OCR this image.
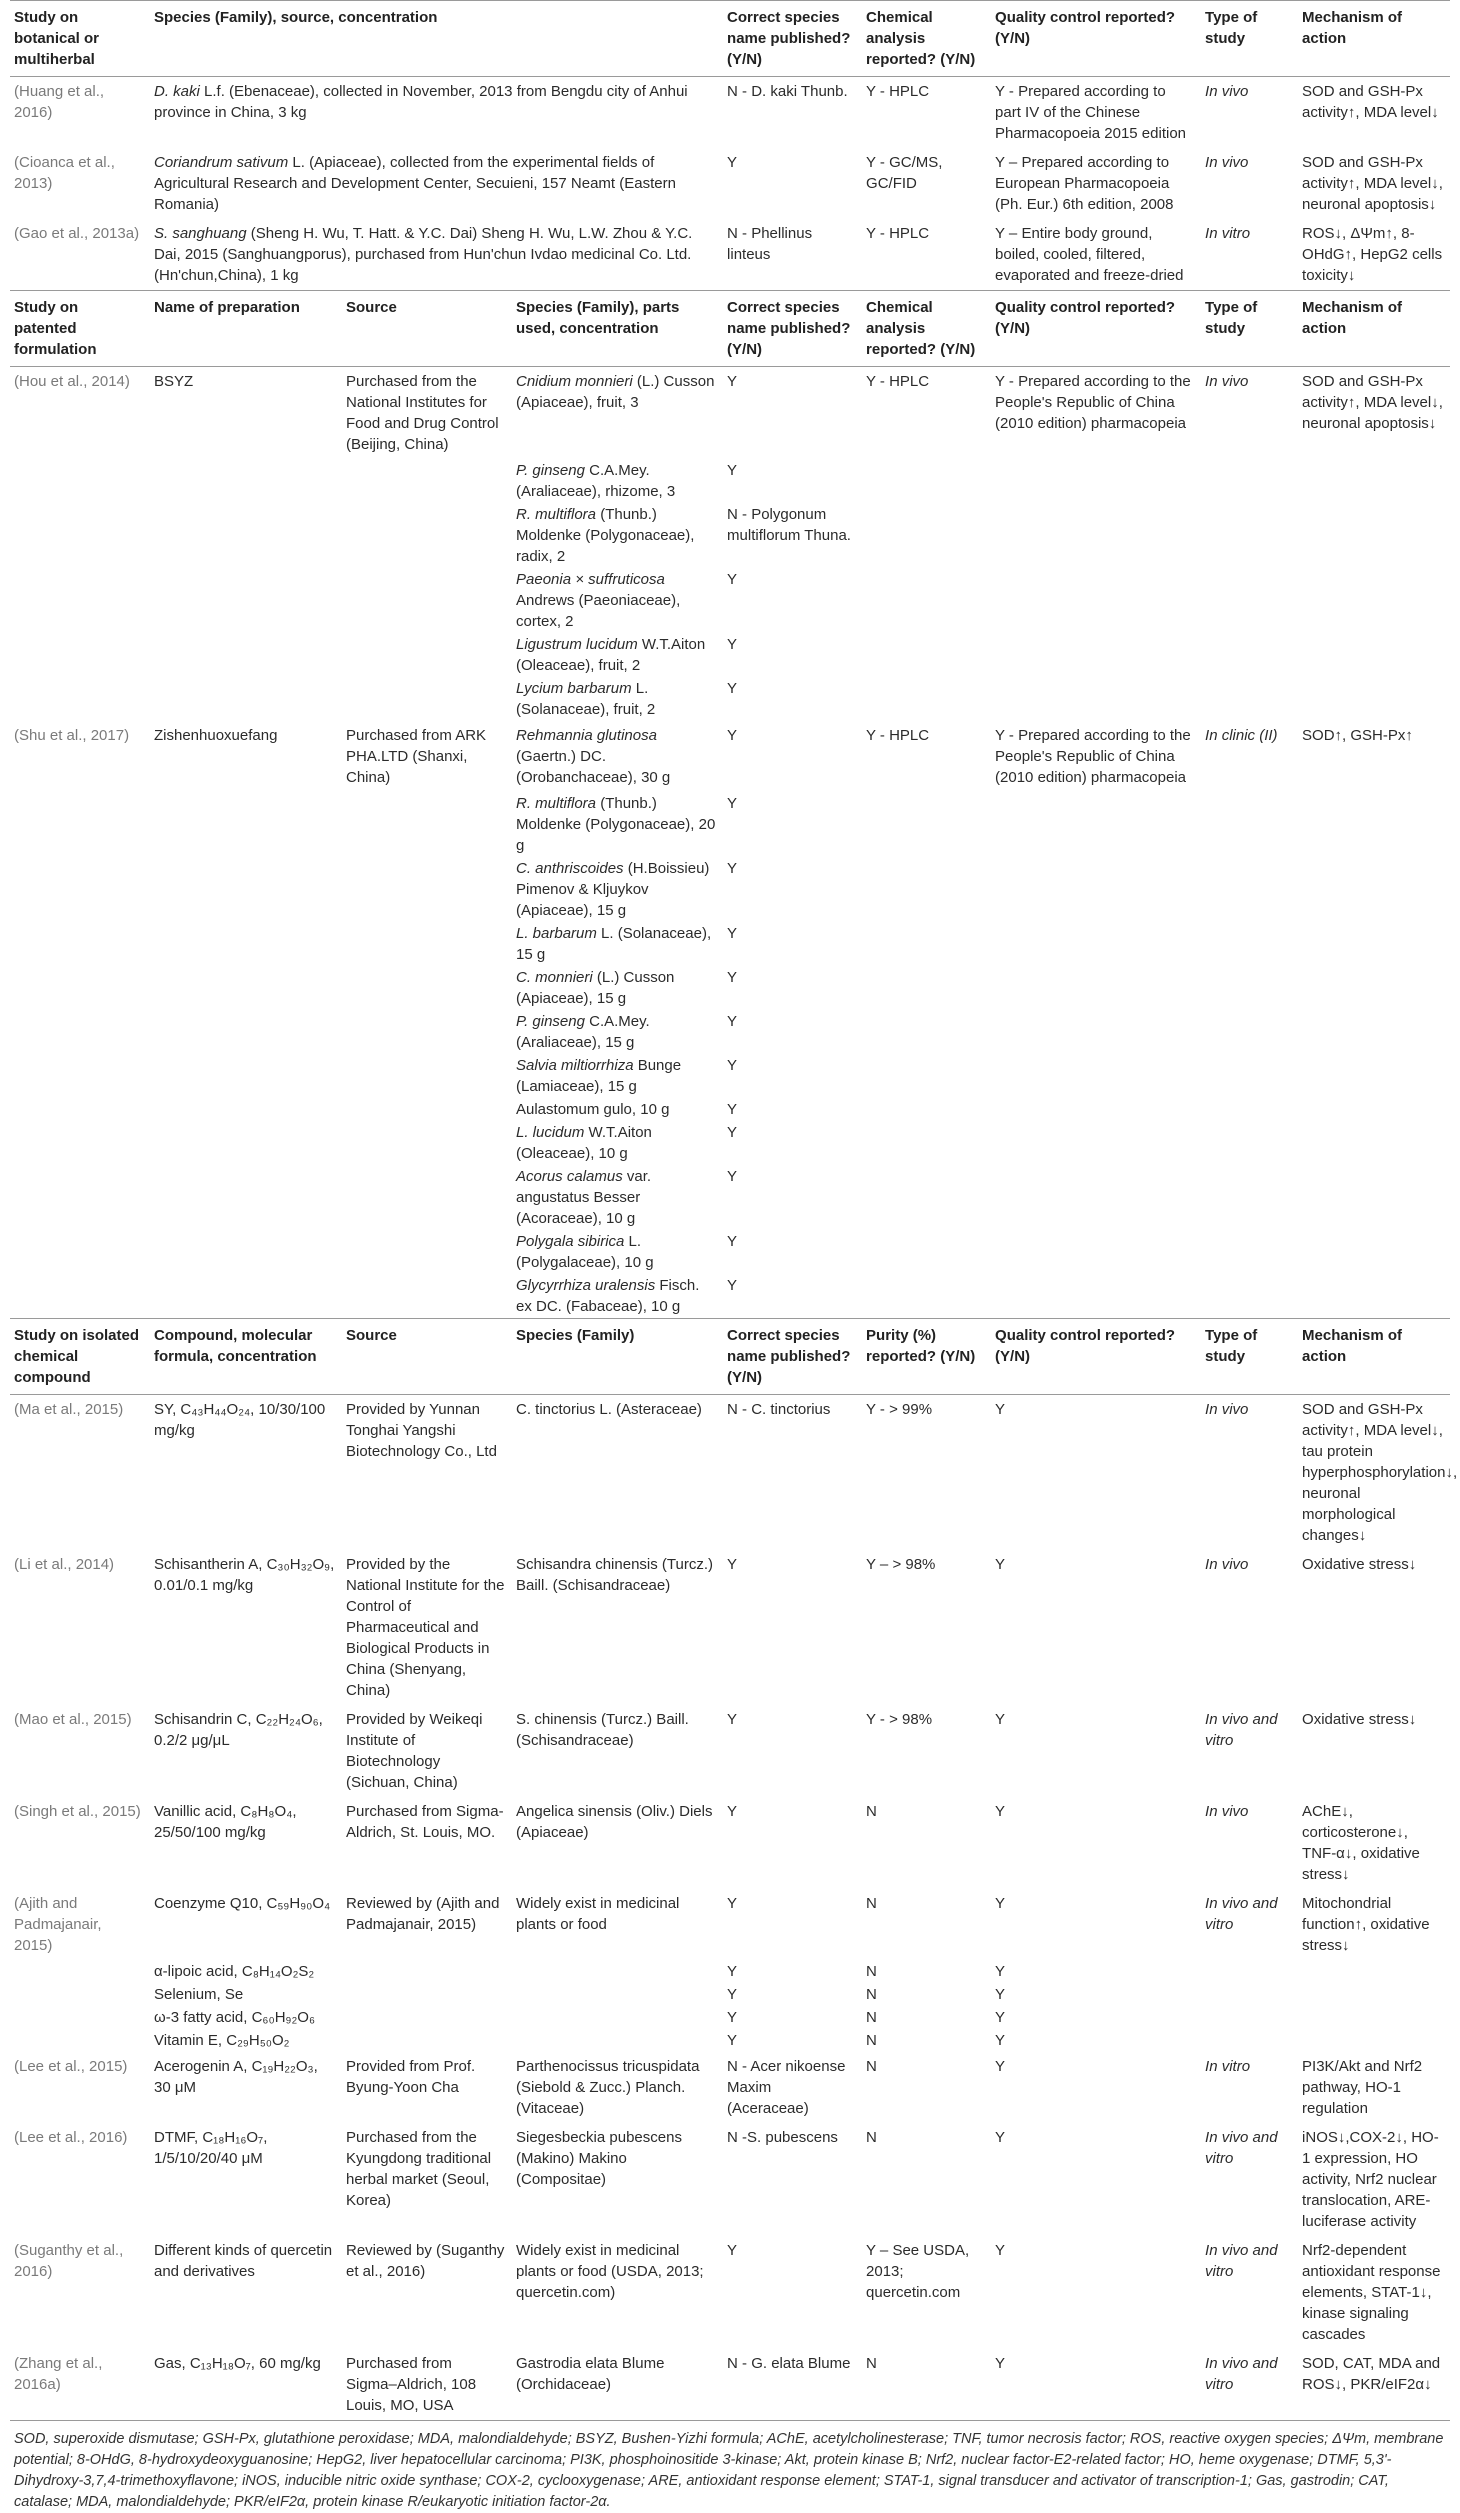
Study on botanical or multiherbal	Species (Family), source, concentration			Correct species name published? (Y/N)	Chemical analysis reported? (Y/N)	Quality control reported? (Y/N)	Type of study	Mechanism of action
(Huang et al., 2016)	D. kaki L.f. (Ebenaceae), collected in November, 2013 from Bengdu city of Anhui province in China, 3 kg			N - D. kaki Thunb.	Y - HPLC	Y - Prepared according to part IV of the Chinese Pharmacopoeia 2015 edition	In vivo	SOD and GSH-Px activity↑, MDA level↓
(Cioanca et al., 2013)	Coriandrum sativum L. (Apiaceae), collected from the experimental fields of Agricultural Research and Development Center, Secuieni, 157 Neamt (Eastern Romania)			Y	Y - GC/MS, GC/FID	Y – Prepared according to European Pharmacopoeia (Ph. Eur.) 6th edition, 2008	In vivo	SOD and GSH-Px activity↑, MDA level↓, neuronal apoptosis↓
(Gao et al., 2013a)	S. sanghuang (Sheng H. Wu, T. Hatt. & Y.C. Dai) Sheng H. Wu, L.W. Zhou & Y.C. Dai, 2015 (Sanghuangporus), purchased from Hun'chun Ivdao medicinal Co. Ltd. (Hn'chun,China), 1 kg			N - Phellinus linteus	Y - HPLC	Y – Entire body ground, boiled, cooled, filtered, evaporated and freeze-dried	In vitro	ROS↓, ΔΨm↑, 8-OHdG↑, HepG2 cells toxicity↓
Study on patented formulation	Name of preparation	Source	Species (Family), parts used, concentration	Correct species name published? (Y/N)	Chemical analysis reported? (Y/N)	Quality control reported? (Y/N)	Type of study	Mechanism of action
(Hou et al., 2014)	BSYZ	Purchased from the National Institutes for Food and Drug Control (Beijing, China)	Cnidium monnieri (L.) Cusson (Apiaceae), fruit, 3	Y	Y - HPLC	Y - Prepared according to the People's Republic of China (2010 edition) pharmacopeia	In vivo	SOD and GSH-Px activity↑, MDA level↓, neuronal apoptosis↓
			P. ginseng C.A.Mey. (Araliaceae), rhizome, 3	Y				
			R. multiflora (Thunb.) Moldenke (Polygonaceae), radix, 2	N - Polygonum multiflorum Thuna.				
			Paeonia × suffruticosa Andrews (Paeoniaceae), cortex, 2	Y				
			Ligustrum lucidum W.T.Aiton (Oleaceae), fruit, 2	Y				
			Lycium barbarum L. (Solanaceae), fruit, 2	Y				
(Shu et al., 2017)	Zishenhuoxuefang	Purchased from ARK PHA.LTD (Shanxi, China)	Rehmannia glutinosa (Gaertn.) DC. (Orobanchaceae), 30 g	Y	Y - HPLC	Y - Prepared according to the People's Republic of China (2010 edition) pharmacopeia	In clinic (II)	SOD↑, GSH-Px↑
			R. multiflora (Thunb.) Moldenke (Polygonaceae), 20 g	Y				
			C. anthriscoides (H.Boissieu) Pimenov & Kljuykov (Apiaceae), 15 g	Y				
			L. barbarum L. (Solanaceae), 15 g	Y				
			C. monnieri (L.) Cusson (Apiaceae), 15 g	Y				
			P. ginseng C.A.Mey. (Araliaceae), 15 g	Y				
			Salvia miltiorrhiza Bunge (Lamiaceae), 15 g	Y				
			Aulastomum gulo, 10 g	Y				
			L. lucidum W.T.Aiton (Oleaceae), 10 g	Y				
			Acorus calamus var. angustatus Besser (Acoraceae), 10 g	Y				
			Polygala sibirica L. (Polygalaceae), 10 g	Y				
			Glycyrrhiza uralensis Fisch. ex DC. (Fabaceae), 10 g	Y				
Study on isolated chemical compound	Compound, molecular formula, concentration	Source	Species (Family)	Correct species name published? (Y/N)	Purity (%) reported? (Y/N)	Quality control reported? (Y/N)	Type of study	Mechanism of action
(Ma et al., 2015)	SY, C₄₃H₄₄O₂₄, 10/30/100 mg/kg	Provided by Yunnan Tonghai Yangshi Biotechnology Co., Ltd	C. tinctorius L. (Asteraceae)	N - C. tinctorius	Y - > 99%	Y	In vivo	SOD and GSH-Px activity↑, MDA level↓, tau protein hyperphosphorylation↓, neuronal morphological changes↓
(Li et al., 2014)	Schisantherin A, C₃₀H₃₂O₉, 0.01/0.1 mg/kg	Provided by the National Institute for the Control of Pharmaceutical and Biological Products in China (Shenyang, China)	Schisandra chinensis (Turcz.) Baill. (Schisandraceae)	Y	Y – > 98%	Y	In vivo	Oxidative stress↓
(Mao et al., 2015)	Schisandrin C, C₂₂H₂₄O₆, 0.2/2 μg/μL	Provided by Weikeqi Institute of Biotechnology (Sichuan, China)	S. chinensis (Turcz.) Baill. (Schisandraceae)	Y	Y - > 98%	Y	In vivo and vitro	Oxidative stress↓
(Singh et al., 2015)	Vanillic acid, C₈H₈O₄, 25/50/100 mg/kg	Purchased from Sigma-Aldrich, St. Louis, MO.	Angelica sinensis (Oliv.) Diels (Apiaceae)	Y	N	Y	In vivo	AChE↓, corticosterone↓, TNF-α↓, oxidative stress↓
(Ajith and Padmajanair, 2015)	Coenzyme Q10, C₅₉H₉₀O₄	Reviewed by (Ajith and Padmajanair, 2015)	Widely exist in medicinal plants or food	Y	N	Y	In vivo and vitro	Mitochondrial function↑, oxidative stress↓
	α-lipoic acid, C₈H₁₄O₂S₂			Y	N	Y		
	Selenium, Se			Y	N	Y		
	ω-3 fatty acid, C₆₀H₉₂O₆			Y	N	Y		
	Vitamin E, C₂₉H₅₀O₂			Y	N	Y		
(Lee et al., 2015)	Acerogenin A, C₁₉H₂₂O₃, 30 μM	Provided from Prof. Byung-Yoon Cha	Parthenocissus tricuspidata (Siebold & Zucc.) Planch. (Vitaceae)	N - Acer nikoense Maxim (Aceraceae)	N	Y	In vitro	PI3K/Akt and Nrf2 pathway, HO-1 regulation
(Lee et al., 2016)	DTMF, C₁₈H₁₆O₇, 1/5/10/20/40 μM	Purchased from the Kyungdong traditional herbal market (Seoul, Korea)	Siegesbeckia pubescens (Makino) Makino (Compositae)	N -S. pubescens	N	Y	In vivo and vitro	iNOS↓,COX-2↓, HO-1 expression, HO activity, Nrf2 nuclear translocation, ARE-luciferase activity
(Suganthy et al., 2016)	Different kinds of quercetin and derivatives	Reviewed by (Suganthy et al., 2016)	Widely exist in medicinal plants or food (USDA, 2013; quercetin.com)	Y	Y – See USDA, 2013; quercetin.com	Y	In vivo and vitro	Nrf2-dependent antioxidant response elements, STAT-1↓, kinase signaling cascades
(Zhang et al., 2016a)	Gas, C₁₃H₁₈O₇, 60 mg/kg	Purchased from Sigma–Aldrich, 108 Louis, MO, USA	Gastrodia elata Blume (Orchidaceae)	N - G. elata Blume	N	Y	In vivo and vitro	SOD, CAT, MDA and ROS↓, PKR/eIF2α↓
SOD, superoxide dismutase; GSH-Px, glutathione peroxidase; MDA, malondialdehyde; BSYZ, Bushen-Yizhi formula; AChE, acetylcholinesterase; TNF, tumor necrosis factor; ROS, reactive oxygen species; ΔΨm, membrane potential; 8-OHdG, 8-hydroxydeoxyguanosine; HepG2, liver hepatocellular carcinoma; PI3K, phosphoinositide 3-kinase; Akt, protein kinase B; Nrf2, nuclear factor-E2-related factor; HO, heme oxygenase; DTMF, 5,3'-Dihydroxy-3,7,4-trimethoxyflavone; iNOS, inducible nitric oxide synthase; COX-2, cyclooxygenase; ARE, antioxidant response element; STAT-1, signal transducer and activator of transcription-1; Gas, gastrodin; CAT, catalase; MDA, malondialdehyde; PKR/eIF2α, protein kinase R/eukaryotic initiation factor-2α.
